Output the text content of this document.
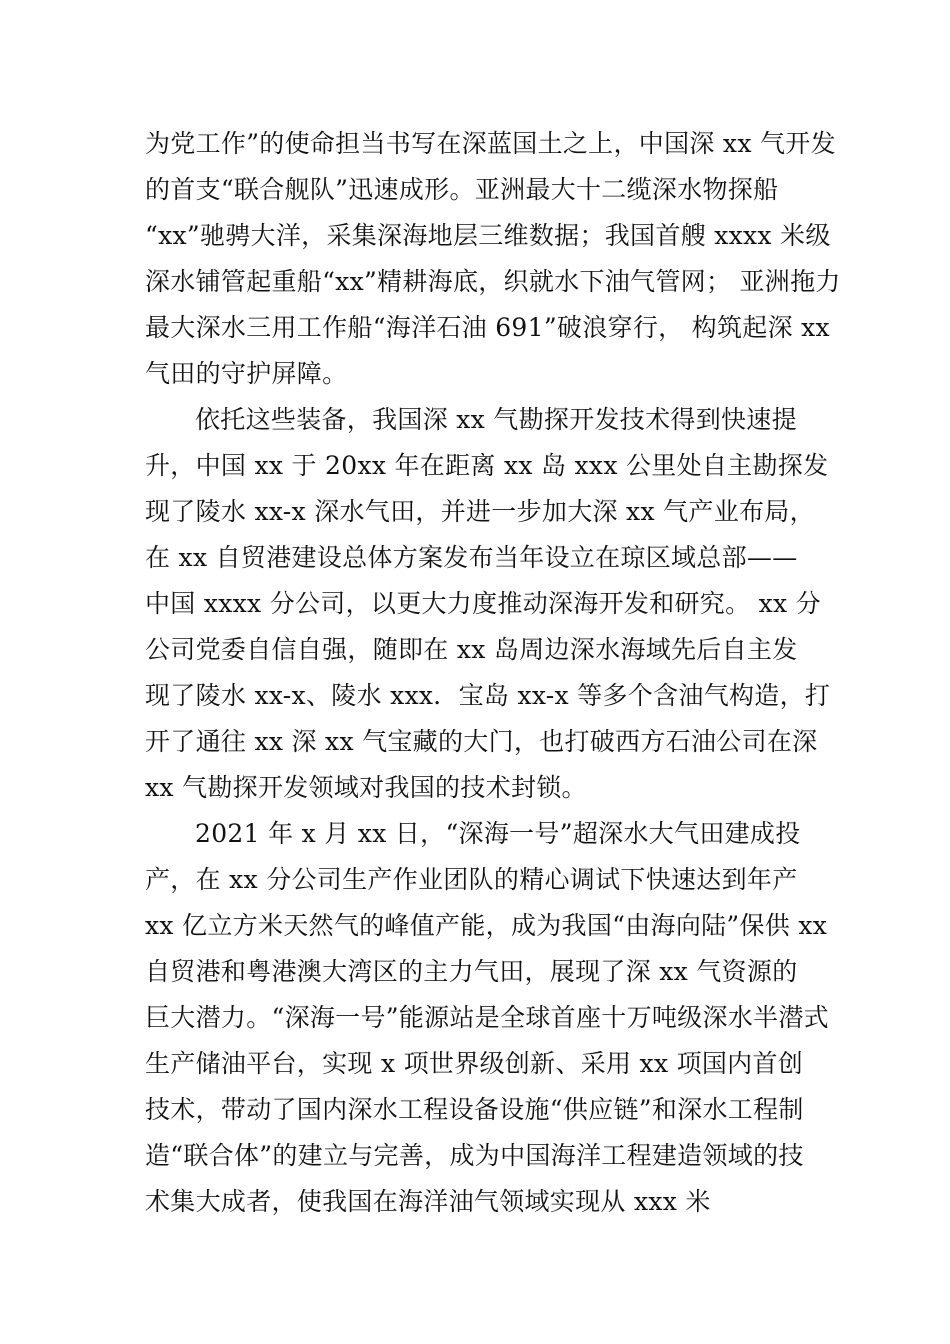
为党工作”的使命担当书写在深蓝国土之上，中国深 xx 气开发
的首支“联合舰队”迅速成形。亚洲最大十二缆深水物探船
“xx”驰骋大洋，采集深海地层三维数据；我国首艘 xxxx 米级
深水铺管起重船“xx”精耕海底，织就水下油气管网； 亚洲拖力
最大深水三用工作船“海洋石油 691”破浪穿行， 构筑起深 xx
气田的守护屏障。
依托这些装备，我国深 xx 气勘探开发技术得到快速提
升，中国 xx 于 20xx 年在距离 xx 岛 xxx 公里处自主勘探发
现了陵水 xx-x 深水气田，并进一步加大深 xx 气产业布局，
在 xx 自贸港建设总体方案发布当年设立在琼区域总部——
中国 xxxx 分公司，以更大力度推动深海开发和研究。 xx 分
公司党委自信自强，随即在 xx 岛周边深水海域先后自主发
现了陵水 xx-x、陵水 xxx．宝岛 xx-x 等多个含油气构造，打
开了通往 xx 深 xx 气宝藏的大门，也打破西方石油公司在深
xx 气勘探开发领域对我国的技术封锁。
2021 年 x 月 xx 日，“深海一号”超深水大气田建成投
产，在 xx 分公司生产作业团队的精心调试下快速达到年产
xx 亿立方米天然气的峰值产能，成为我国“由海向陆”保供 xx
自贸港和粤港澳大湾区的主力气田，展现了深 xx 气资源的
巨大潜力。“深海一号”能源站是全球首座十万吨级深水半潜式
生产储油平台，实现 x 项世界级创新、采用 xx 项国内首创
技术，带动了国内深水工程设备设施“供应链”和深水工程制
造“联合体”的建立与完善，成为中国海洋工程建造领域的技
术集大成者，使我国在海洋油气领域实现从 xxx 米
